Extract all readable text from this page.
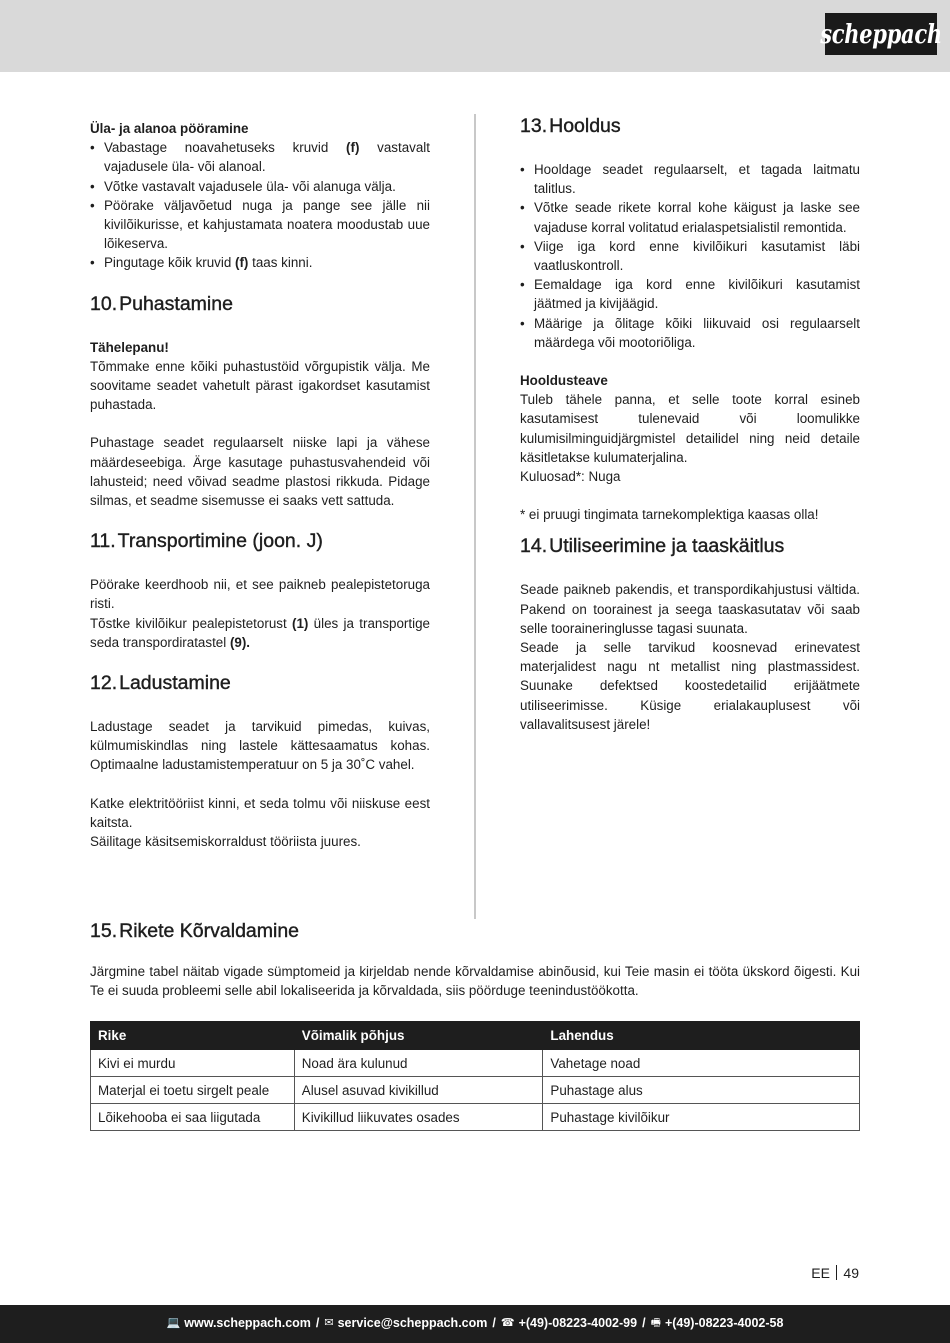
scheppach

Üla- ja alanoa pööramine

• Vabastage noavahetuseks kruvid (f) vastavalt vajadusele üla- või alanoal.
• Võtke vastavalt vajadusele üla- või alanuga välja.
• Pöörake väljavõetud nuga ja pange see jälle nii kivilõikurisse, et kahjustamata noatera moodustab uue lõikeserva.
• Pingutage kõik kruvid (f) taas kinni.
10. Puhastamine

Tähelepanu!

Tõmmake enne kõiki puhastustöid võrgupistik välja. Me soovitame seadet vahetult pärast igakordset kasutamist puhastada.

Puhastage seadet regulaarselt niiske lapi ja vähese määrdeseebiga. Ärge kasutage puhastusvahendeid või lahusteid; need võivad seadme plastosi rikkuda. Pidage silmas, et seadme sisemusse ei saaks vett sattuda.

11. Transportimine (joon. J)

Pöörake keerdhoob nii, et see paikneb pealepistetoruga risti.

Tõstke kivilõikur pealepistetorust (1) üles ja transportige seda transpordiratastel (9).

12. Ladustamine

Ladustage seadet ja tarvikuid pimedas, kuivas, külmumiskindlas ning lastele kättesaamatus kohas. Optimaalne ladustamistemperatuur on 5 ja 30˚C vahel.

Katke elektritööriist kinni, et seda tolmu või niiskuse eest kaitsta.

Säilitage käsitsemiskorraldust tööriista juures.

13. Hooldus
• Hooldage seadet regulaarselt, et tagada laitmatu talitlus.
• Võtke seade rikete korral kohe käigust ja laske see vajaduse korral volitatud erialaspetsialistil remontida.
• Viige iga kord enne kivilõikuri kasutamist läbi vaatluskontroll.
• Eemaldage iga kord enne kivilõikuri kasutamist jäätmed ja kivijäägid.
• Määrige ja õlitage kõiki liikuvaid osi regulaarselt määrdega või mootoriõliga.

Hooldusteave

Tuleb tähele panna, et selle toote korral esineb kasutamisest tulenevaid või loomulikke kulumisilminguidjärgmistel detailidel ning neid detaile käsitletakse kulumaterjalina.

Kuluosad*: Nuga

* ei pruugi tingimata tarnekomplektiga kaasas olla!

14. Utiliseerimine ja taaskäitlus

Seade paikneb pakendis, et transpordikahjustusi vältida. Pakend on toorainest ja seega taaskasutatav või saab selle tooraineringlusse tagasi suunata.

Seade ja selle tarvikud koosnevad erinevatest materjalidest nagu nt metallist ning plastmassidest. Suunake defektsed koostedetailid erijäätmete utiliseerimisse. Küsige erialakauplusest või vallavalitsusest järele!

15. Rikete Kõrvaldamine

Järgmine tabel näitab vigade sümptomeid ja kirjeldab nende kõrvaldamise abinõusid, kui Teie masin ei tööta ükskord õigesti. Kui Te ei suuda probleemi selle abil lokaliseerida ja kõrvaldada, siis pöörduge teenindustöökotta.

Rike	Võimalik põhjus	Lahendus
Kivi ei murdu	Noad ära kulunud	Vahetage noad
Materjal ei toetu sirgelt peale	Alusel asuvad kivikillud	Puhastage alus
Lõikehooba ei saa liigutada	Kivikillud liikuvates osades	Puhastage kivilõikur
EE 49
💻 www.scheppach.com / ✉ service@scheppach.com / ☎ +(49)-08223-4002-99 / 🖷 +(49)-08223-4002-58
